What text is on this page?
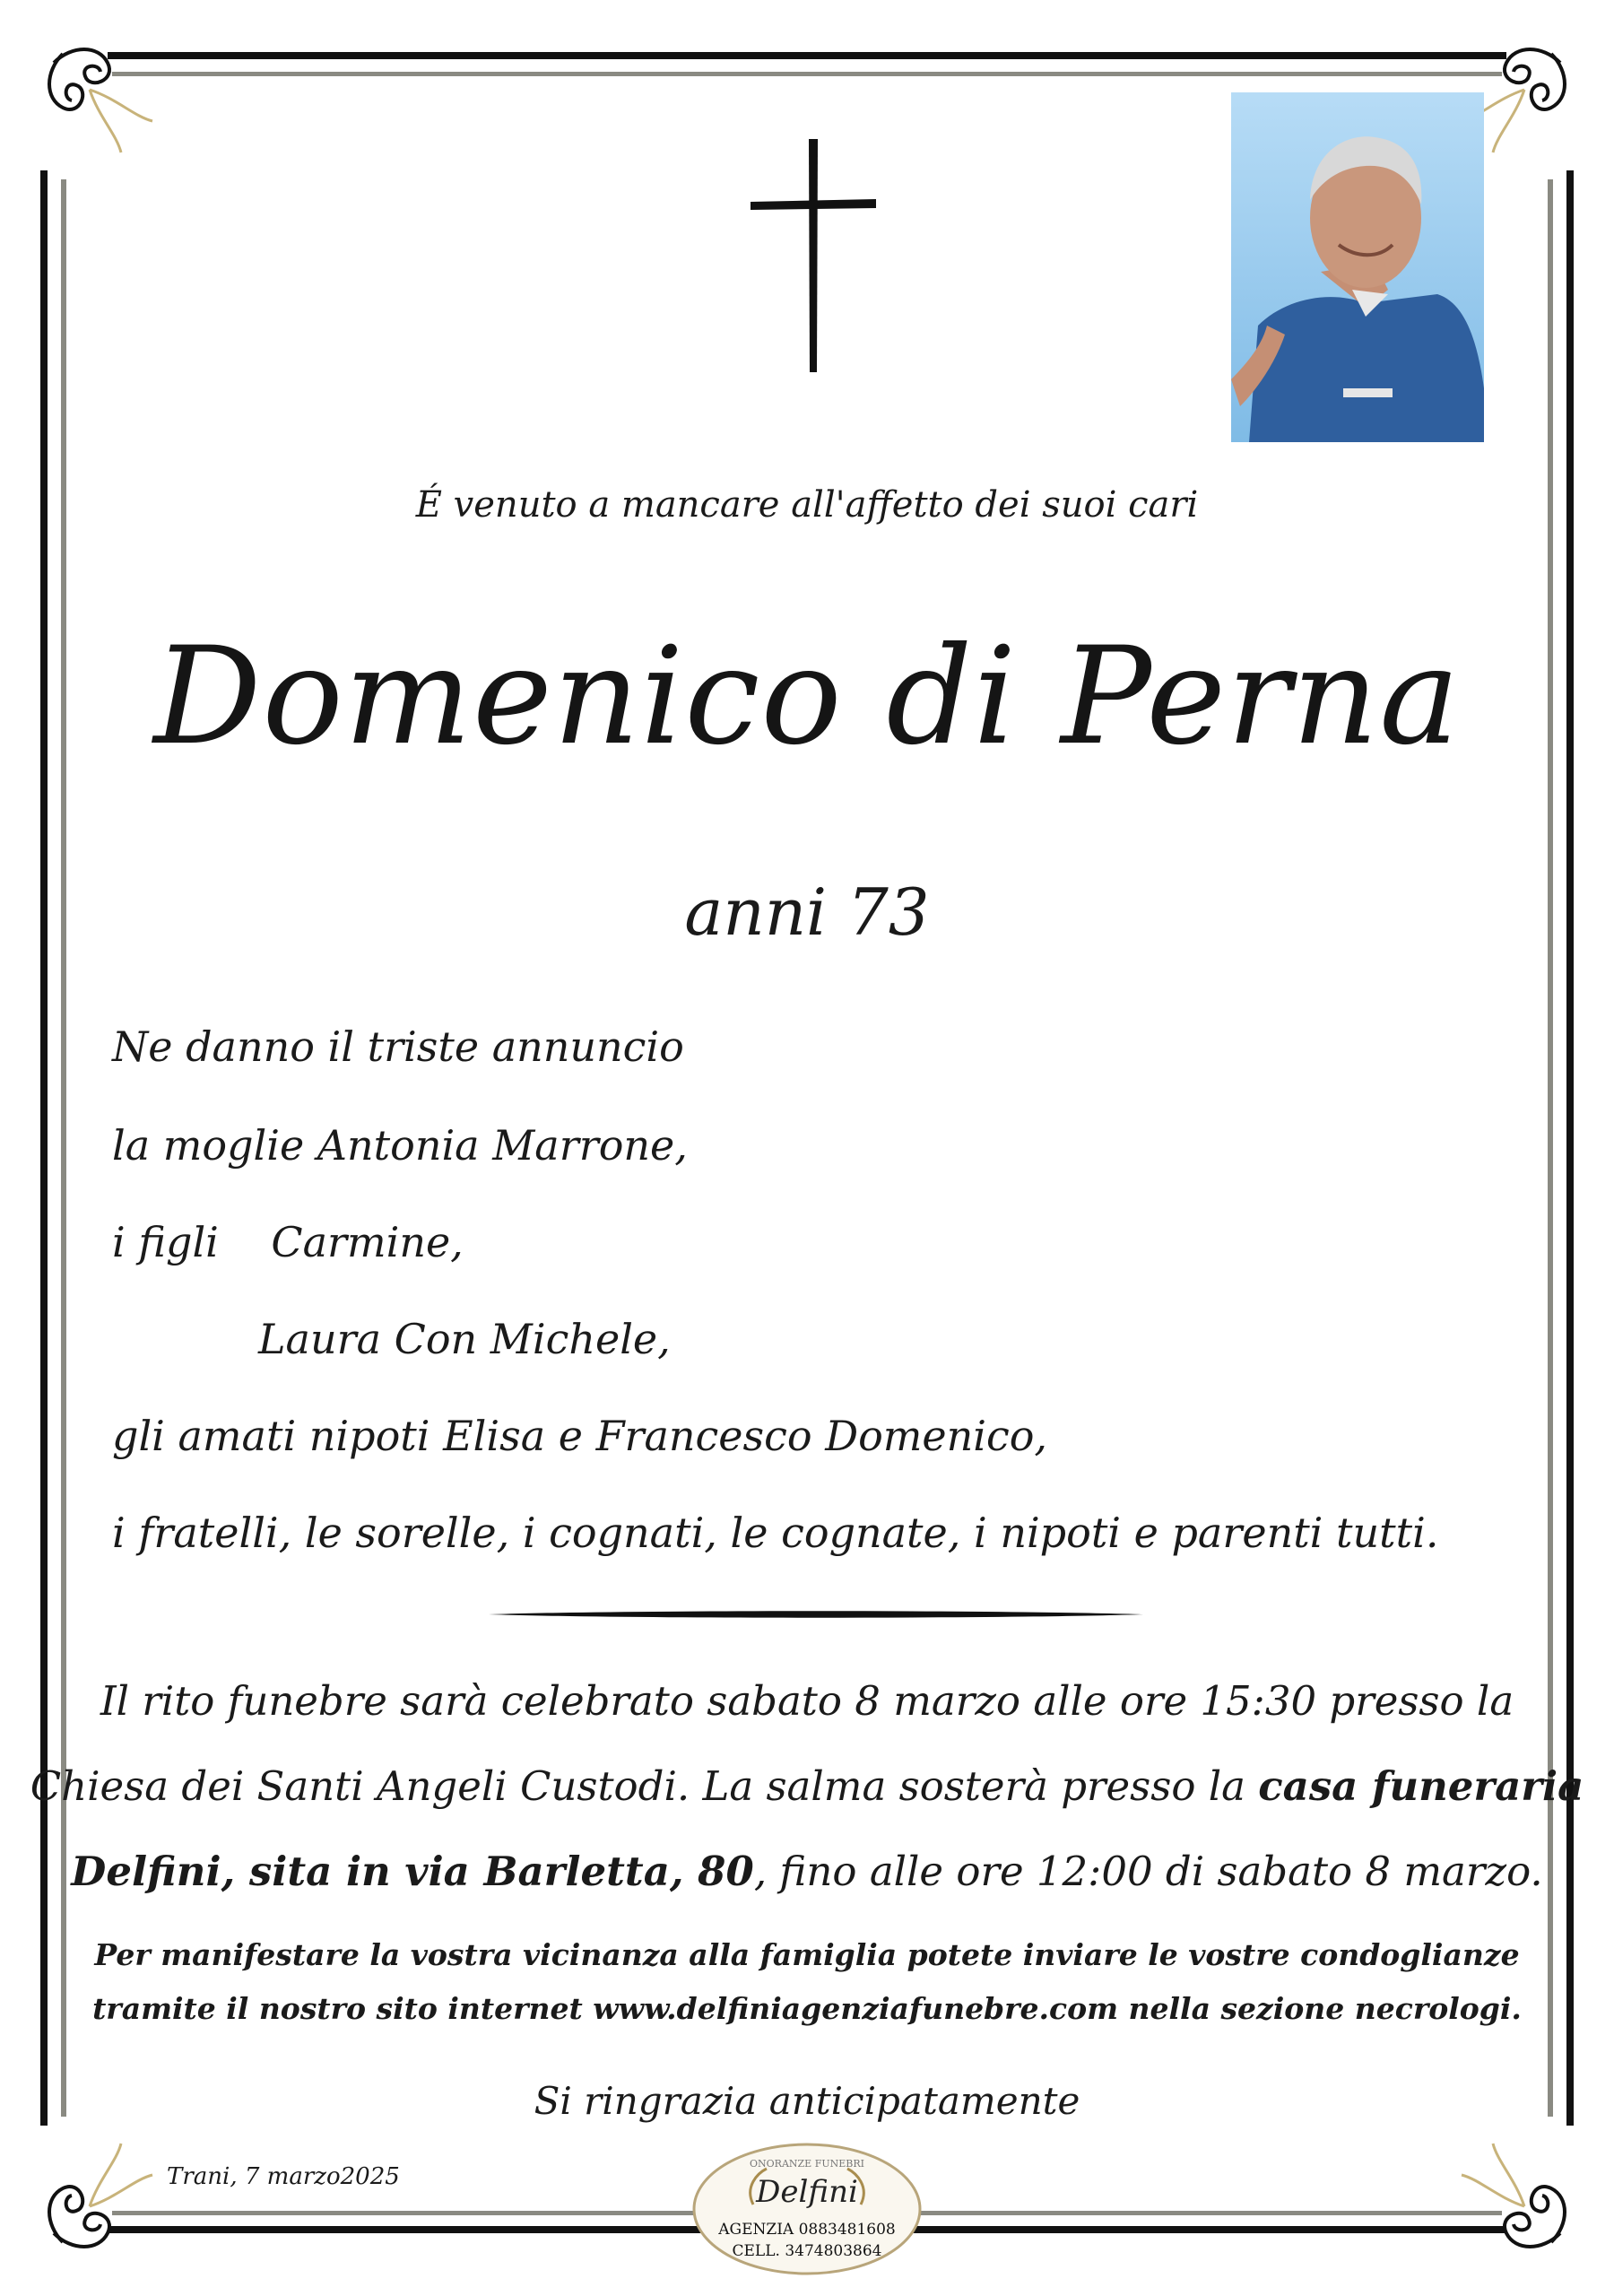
É venuto a mancare all'affetto dei suoi cari
Domenico di Perna
anni 73
Ne danno il triste annuncio
la moglie Antonia Marrone,
i figli    Carmine,
Laura Con Michele,
gli amati nipoti Elisa e Francesco Domenico,
i fratelli, le sorelle, i cognati, le cognate, i nipoti e parenti tutti.
Il rito funebre sarà celebrato sabato 8 marzo alle ore 15:30 presso la
Chiesa dei Santi Angeli Custodi. La salma sosterà presso la casa funeraria
Delfini, sita in via Barletta, 80, fino alle ore 12:00 di sabato 8 marzo.
Per manifestare la vostra vicinanza alla famiglia potete inviare le vostre condoglianze
tramite il nostro sito internet www.delfiniagenziafunebre.com nella sezione necrologi.
Si ringrazia anticipatamente
Trani, 7 marzo2025	ONORANZE FUNEBRI
Delfini
AGENZIA 0883481608
CELL. 3474803864
